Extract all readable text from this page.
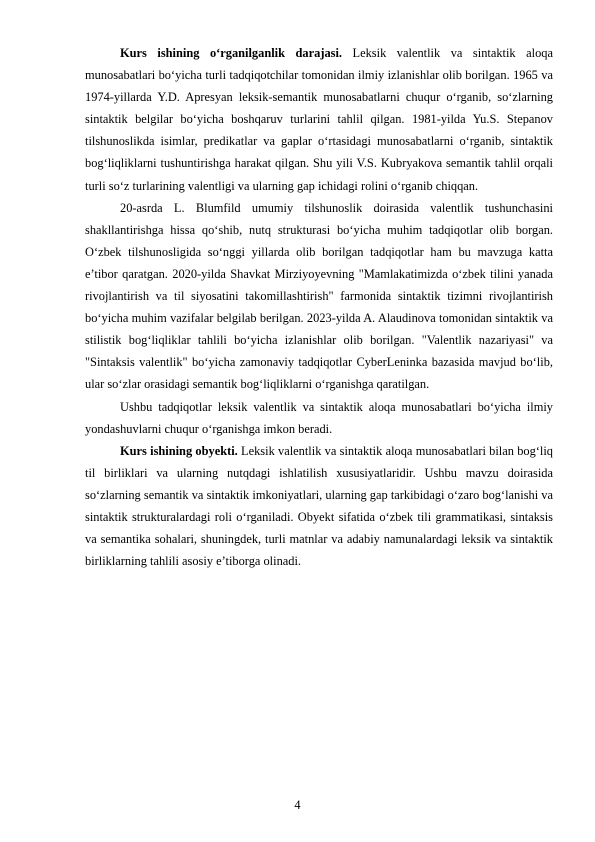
Kurs ishining o‘rganilganlik darajasi. Leksik valentlik va sintaktik aloqa munosabatlari bo‘yicha turli tadqiqotchilar tomonidan ilmiy izlanishlar olib borilgan. 1965 va 1974-yillarda Y.D. Apresyan leksik-semantik munosabatlarni chuqur o‘rganib, so‘zlarning sintaktik belgilar bo‘yicha boshqaruv turlarini tahlil qilgan. 1981-yilda Yu.S. Stepanov tilshunoslikda isimlar, predikatlar va gaplar o‘rtasidagi munosabatlarni o‘rganib, sintaktik bog‘liqliklarni tushuntirishga harakat qilgan. Shu yili V.S. Kubryakova semantik tahlil orqali turli so‘z turlarining valentligi va ularning gap ichidagi rolini o‘rganib chiqqan.

20-asrda L. Blumfild umumiy tilshunoslik doirasida valentlik tushunchasini shakllantirishga hissa qo‘shib, nutq strukturasi bo‘yicha muhim tadqiqotlar olib borgan. O‘zbek tilshunosligida so‘nggi yillarda olib borilgan tadqiqotlar ham bu mavzuga katta e’tibor qaratgan. 2020-yilda Shavkat Mirziyoyevning "Mamlakatimizda o‘zbek tilini yanada rivojlantirish va til siyosatini takomillashtirish" farmonida sintaktik tizimni rivojlantirish bo‘yicha muhim vazifalar belgilab berilgan. 2023-yilda A. Alaudinova tomonidan sintaktik va stilistik bog‘liqliklar tahlili bo‘yicha izlanishlar olib borilgan. "Valentlik nazariyasi" va "Sintaksis valentlik" bo‘yicha zamonaviy tadqiqotlar CyberLeninka bazasida mavjud bo‘lib, ular so‘zlar orasidagi semantik bog‘liqliklarni o‘rganishga qaratilgan.

Ushbu tadqiqotlar leksik valentlik va sintaktik aloqa munosabatlari bo‘yicha ilmiy yondashuvlarni chuqur o‘rganishga imkon beradi.

Kurs ishining obyekti. Leksik valentlik va sintaktik aloqa munosabatlari bilan bog‘liq til birliklari va ularning nutqdagi ishlatilish xususiyatlaridir. Ushbu mavzu doirasida so‘zlarning semantik va sintaktik imkoniyatlari, ularning gap tarkibidagi o‘zaro bog‘lanishi va sintaktik strukturalardagi roli o‘rganiladi. Obyekt sifatida o‘zbek tili grammatikasi, sintaksis va semantika sohalari, shuningdek, turli matnlar va adabiy namunalardagi leksik va sintaktik birliklarning tahlili asosiy e’tiborga olinadi.

4
